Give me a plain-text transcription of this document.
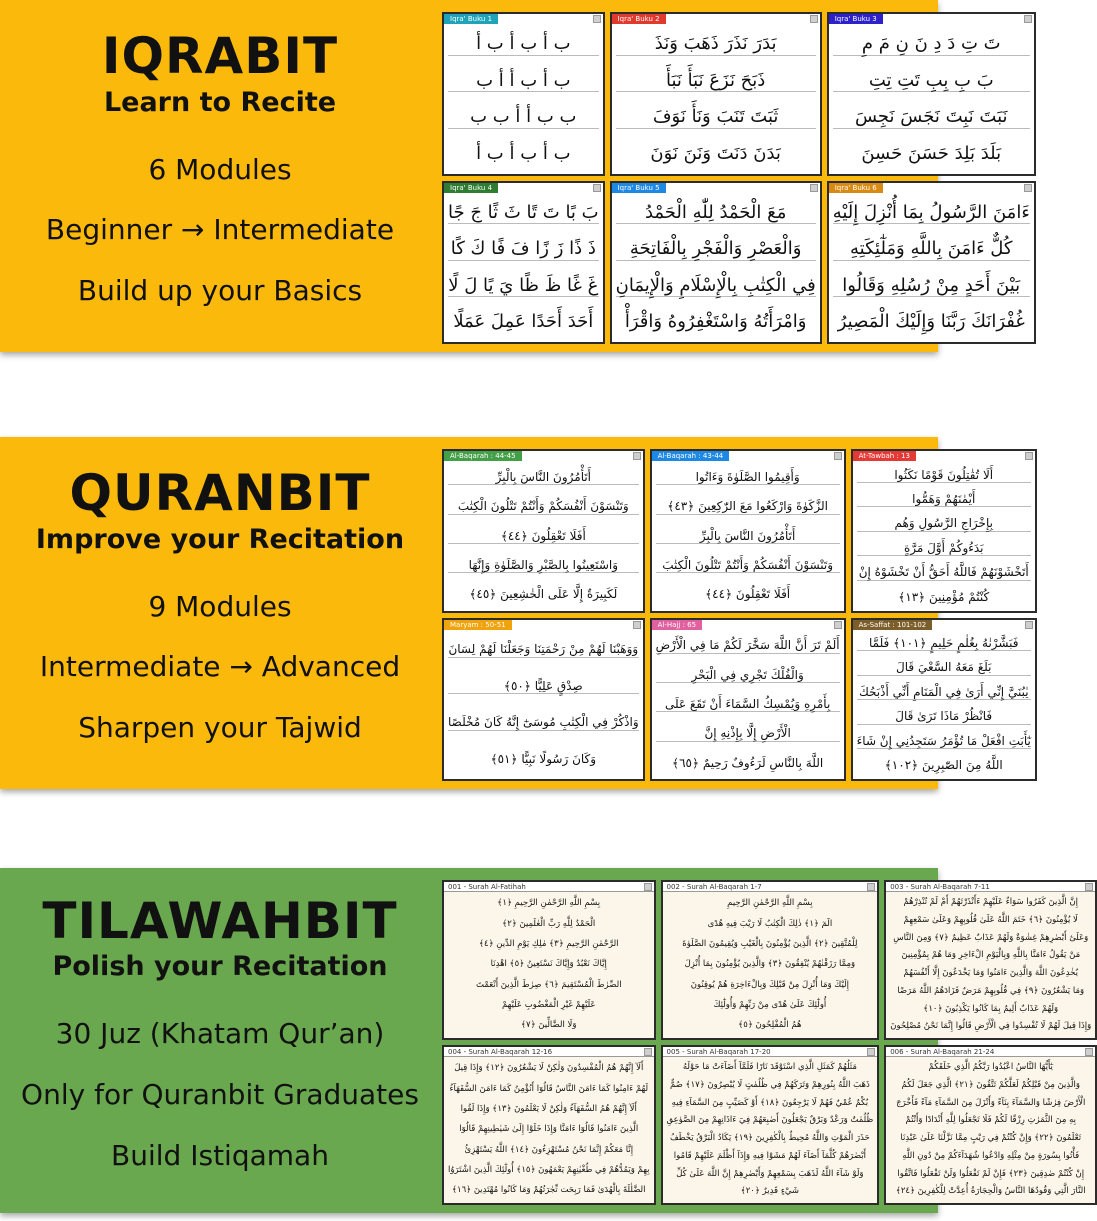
IQRABIT
Learn to Recite
6 Modules
Beginner → Intermediate
Build up your Basics
Iqra' Buku 1
ب أ ب أ ب أ
ب أ ب أ أ ب
ب ب أ أ ب ب
ب أ ب أ ب أ
Iqra' Buku 2
بَدَرَ نَذَرَ ذَهَبَ وَنَذَ
ذَبَحَ نَزَعَ نَبَأَ نَبَأَ
ثَبَتَ تَنَبَ وَنَأَ نَوَفَ
بَدَنَ دَنَتَ وَنَنَ نَوَنَ
Iqra' Buku 3
تَ تِ دَ دِ نَ نِ مَ مِ
بَ بِ بِبِ تَتِ تِتِ
نَبَتَ نَبِتَ نَجَسَ نَجِسَ
بَلَدَ بَلِدَ حَسَنَ حَسِنَ
Iqra' Buku 4
بَ بًا تَ تًا ثَ ثًا جَ جًا
ذَ ذًا زَ زًا فَ فًا كَ كًا
غَ غًا ظَ ظًا يَ يًا لَ لًا
أَحَدَ أَحَدًا عَمِلَ عَمَلًا
Iqra' Buku 5
مَعَ الْحَمْدُ لِلّٰهِ الْحَمْدُ
وَالْعَصْرِ وَالْفَجْرِ بِالْفَاتِحَةِ
فِي الْكِتٰبِ بِالْإِسْلَامِ وَالْإِيمَانِ
وَامْرَأَتُهُ وَاسْتَغْفِرُوهُ وَاقْرَأْ
Iqra' Buku 6
ءَامَنَ الرَّسُولُ بِمَا أُنْزِلَ إِلَيْهِ
كُلٌّ ءَامَنَ بِاللَّهِ وَمَلٰٓئِكَتِهِ
بَيْنَ أَحَدٍ مِنْ رُسُلِهِ وَقَالُوا
غُفْرَانَكَ رَبَّنَا وَإِلَيْكَ الْمَصِيرُ
QURANBIT
Improve your Recitation
9 Modules
Intermediate → Advanced
Sharpen your Tajwid
Al-Baqarah : 44-45
أَتَأْمُرُونَ النَّاسَ بِالْبِرِّ
وَتَنْسَوْنَ أَنْفُسَكُمْ وَأَنْتُمْ تَتْلُونَ الْكِتٰبَ
أَفَلَا تَعْقِلُونَ ﴿٤٤﴾
وَاسْتَعِينُوا بِالصَّبْرِ وَالصَّلَوٰةِ وَإِنَّهَا
لَكَبِيرَةٌ إِلَّا عَلَى الْخٰشِعِينَ ﴿٤٥﴾
Al-Baqarah : 43-44
وَأَقِيمُوا الصَّلَوٰةَ وَءَاتُوا
الزَّكَوٰةَ وَارْكَعُوا مَعَ الرّٰكِعِينَ ﴿٤٣﴾
أَتَأْمُرُونَ النَّاسَ بِالْبِرِّ
وَتَنْسَوْنَ أَنْفُسَكُمْ وَأَنْتُمْ تَتْلُونَ الْكِتٰبَ
أَفَلَا تَعْقِلُونَ ﴿٤٤﴾
At-Tawbah : 13
أَلَا تُقٰتِلُونَ قَوْمًا نَكَثُوا
أَيْمٰنَهُمْ وَهَمُّوا
بِإِخْرَاجِ الرَّسُولِ وَهُم
بَدَءُوكُمْ أَوَّلَ مَرَّةٍ
أَتَخْشَوْنَهُمْ فَاللَّهُ أَحَقُّ أَنْ تَخْشَوْهُ إِنْ
كُنْتُمْ مُؤْمِنِينَ ﴿١٣﴾
Maryam : 50-51
وَوَهَبْنَا لَهُمْ مِنْ رَحْمَتِنَا وَجَعَلْنَا لَهُمْ لِسَانَ
صِدْقٍ عَلِيًّا ﴿٥٠﴾
وَاذْكُرْ فِي الْكِتٰبِ مُوسَىٰٓ إِنَّهُ كَانَ مُخْلَصًا
وَكَانَ رَسُولًا نَبِيًّا ﴿٥١﴾
Al-Hajj : 65
أَلَمْ تَرَ أَنَّ اللَّهَ سَخَّرَ لَكُمْ مَا فِي الْأَرْضِ
وَالْفُلْكَ تَجْرِي فِي الْبَحْرِ
بِأَمْرِهِ وَيُمْسِكُ السَّمَاءَ أَنْ تَقَعَ عَلَى
الْأَرْضِ إِلَّا بِإِذْنِهِ إِنَّ
اللَّهَ بِالنَّاسِ لَرَءُوفٌ رَحِيمٌ ﴿٦٥﴾
As-Saffat : 101-102
فَبَشَّرْنٰهُ بِغُلٰمٍ حَلِيمٍ ﴿١٠١﴾ فَلَمَّا
بَلَغَ مَعَهُ السَّعْيَ قَالَ
يٰبُنَيَّ إِنِّي أَرَىٰ فِي الْمَنَامِ أَنِّي أَذْبَحُكَ
فَانْظُرْ مَاذَا تَرَىٰ قَالَ
يٰٓأَبَتِ افْعَلْ مَا تُؤْمَرُ سَتَجِدُنِي إِنْ شَاءَ
اللَّهُ مِنَ الصّٰبِرِينَ ﴿١٠٢﴾
TILAWAHBIT
Polish your Recitation
30 Juz (Khatam Qur’an)
Only for Quranbit Graduates
Build Istiqamah
001 - Surah Al-Fatihah
بِسْمِ اللَّهِ الرَّحْمٰنِ الرَّحِيمِ ﴿١﴾
الْحَمْدُ لِلَّهِ رَبِّ الْعٰلَمِينَ ﴿٢﴾
الرَّحْمٰنِ الرَّحِيمِ ﴿٣﴾ مٰلِكِ يَوْمِ الدِّينِ ﴿٤﴾
إِيَّاكَ نَعْبُدُ وَإِيَّاكَ نَسْتَعِينُ ﴿٥﴾ اهْدِنَا
الصِّرٰطَ الْمُسْتَقِيمَ ﴿٦﴾ صِرٰطَ الَّذِينَ أَنْعَمْتَ
عَلَيْهِمْ غَيْرِ الْمَغْضُوبِ عَلَيْهِمْ
وَلَا الضَّالِّينَ ﴿٧﴾
002 - Surah Al-Baqarah 1-7
بِسْمِ اللَّهِ الرَّحْمٰنِ الرَّحِيمِ
الٓمٓ ﴿١﴾ ذٰلِكَ الْكِتٰبُ لَا رَيْبَ فِيهِ هُدًى
لِلْمُتَّقِينَ ﴿٢﴾ الَّذِينَ يُؤْمِنُونَ بِالْغَيْبِ وَيُقِيمُونَ الصَّلَوٰةَ
وَمِمَّا رَزَقْنٰهُمْ يُنْفِقُونَ ﴿٣﴾ وَالَّذِينَ يُؤْمِنُونَ بِمَا أُنْزِلَ
إِلَيْكَ وَمَا أُنْزِلَ مِنْ قَبْلِكَ وَبِالْءَاخِرَةِ هُمْ يُوقِنُونَ
أُولٰٓئِكَ عَلَىٰ هُدًى مِنْ رَبِّهِمْ وَأُولٰٓئِكَ
هُمُ الْمُفْلِحُونَ ﴿٥﴾
003 - Surah Al-Baqarah 7-11
إِنَّ الَّذِينَ كَفَرُوا سَوَاءٌ عَلَيْهِمْ ءَأَنْذَرْتَهُمْ أَمْ لَمْ تُنْذِرْهُمْ
لَا يُؤْمِنُونَ ﴿٦﴾ خَتَمَ اللَّهُ عَلَىٰ قُلُوبِهِمْ وَعَلَىٰ سَمْعِهِمْ
وَعَلَىٰٓ أَبْصٰرِهِمْ غِشٰوَةٌ وَلَهُمْ عَذَابٌ عَظِيمٌ ﴿٧﴾ وَمِنَ النَّاسِ
مَنْ يَقُولُ ءَامَنَّا بِاللَّهِ وَبِالْيَوْمِ الْءَاخِرِ وَمَا هُمْ بِمُؤْمِنِينَ
يُخٰدِعُونَ اللَّهَ وَالَّذِينَ ءَامَنُوا وَمَا يَخْدَعُونَ إِلَّا أَنْفُسَهُمْ
وَمَا يَشْعُرُونَ ﴿٩﴾ فِي قُلُوبِهِمْ مَرَضٌ فَزَادَهُمُ اللَّهُ مَرَضًا
وَلَهُمْ عَذَابٌ أَلِيمٌ بِمَا كَانُوا يَكْذِبُونَ ﴿١٠﴾
وَإِذَا قِيلَ لَهُمْ لَا تُفْسِدُوا فِي الْأَرْضِ قَالُوا إِنَّمَا نَحْنُ مُصْلِحُونَ
004 - Surah Al-Baqarah 12-16
أَلَآ إِنَّهُمْ هُمُ الْمُفْسِدُونَ وَلٰكِنْ لَا يَشْعُرُونَ ﴿١٢﴾ وَإِذَا قِيلَ
لَهُمْ ءَامِنُوا كَمَا ءَامَنَ النَّاسُ قَالُوٓا أَنُؤْمِنُ كَمَا ءَامَنَ السُّفَهَآءُ
أَلَآ إِنَّهُمْ هُمُ السُّفَهَآءُ وَلٰكِنْ لَا يَعْلَمُونَ ﴿١٣﴾ وَإِذَا لَقُوا
الَّذِينَ ءَامَنُوا قَالُوٓا ءَامَنَّا وَإِذَا خَلَوْا إِلَىٰ شَيٰطِينِهِمْ قَالُوٓا
إِنَّا مَعَكُمْ إِنَّمَا نَحْنُ مُسْتَهْزِءُونَ ﴿١٤﴾ اللَّهُ يَسْتَهْزِئُ
بِهِمْ وَيَمُدُّهُمْ فِي طُغْيٰنِهِمْ يَعْمَهُونَ ﴿١٥﴾ أُولٰٓئِكَ الَّذِينَ اشْتَرَوُا
الضَّلٰلَةَ بِالْهُدَىٰ فَمَا رَبِحَت تِّجٰرَتُهُمْ وَمَا كَانُوا مُهْتَدِينَ ﴿١٦﴾
005 - Surah Al-Baqarah 17-20
مَثَلُهُمْ كَمَثَلِ الَّذِي اسْتَوْقَدَ نَارًا فَلَمَّآ أَضَآءَتْ مَا حَوْلَهُ
ذَهَبَ اللَّهُ بِنُورِهِمْ وَتَرَكَهُمْ فِي ظُلُمٰتٍ لَا يُبْصِرُونَ ﴿١٧﴾ صُمٌّ
بُكْمٌ عُمْيٌ فَهُمْ لَا يَرْجِعُونَ ﴿١٨﴾ أَوْ كَصَيِّبٍ مِنَ السَّمَآءِ فِيهِ
ظُلُمٰتٌ وَرَعْدٌ وَبَرْقٌ يَجْعَلُونَ أَصٰبِعَهُمْ فِيٓ ءَاذَانِهِمْ مِنَ الصَّوٰعِقِ
حَذَرَ الْمَوْتِ وَاللَّهُ مُحِيطٌ بِالْكٰفِرِينَ ﴿١٩﴾ يَكَادُ الْبَرْقُ يَخْطَفُ
أَبْصٰرَهُمْ كُلَّمَآ أَضَآءَ لَهُمْ مَشَوْا فِيهِ وَإِذَآ أَظْلَمَ عَلَيْهِمْ قَامُوا
وَلَوْ شَآءَ اللَّهُ لَذَهَبَ بِسَمْعِهِمْ وَأَبْصٰرِهِمْ إِنَّ اللَّهَ عَلَىٰ كُلِّ
شَيْءٍ قَدِيرٌ ﴿٢٠﴾
006 - Surah Al-Baqarah 21-24
يٰٓأَيُّهَا النَّاسُ اعْبُدُوا رَبَّكُمُ الَّذِي خَلَقَكُمْ
وَالَّذِينَ مِنْ قَبْلِكُمْ لَعَلَّكُمْ تَتَّقُونَ ﴿٢١﴾ الَّذِي جَعَلَ لَكُمُ
الْأَرْضَ فِرٰشًا وَالسَّمَآءَ بِنَآءً وَأَنْزَلَ مِنَ السَّمَآءِ مَآءً فَأَخْرَجَ
بِهِ مِنَ الثَّمَرٰتِ رِزْقًا لَكُمْ فَلَا تَجْعَلُوا لِلَّهِ أَنْدَادًا وَأَنْتُمْ
تَعْلَمُونَ ﴿٢٢﴾ وَإِنْ كُنْتُمْ فِي رَيْبٍ مِمَّا نَزَّلْنَا عَلَىٰ عَبْدِنَا
فَأْتُوا بِسُورَةٍ مِنْ مِثْلِهِ وَادْعُوا شُهَدَآءَكُمْ مِنْ دُونِ اللَّهِ
إِنْ كُنْتُمْ صٰدِقِينَ ﴿٢٣﴾ فَإِنْ لَمْ تَفْعَلُوا وَلَنْ تَفْعَلُوا فَاتَّقُوا
النَّارَ الَّتِي وَقُودُهَا النَّاسُ وَالْحِجَارَةُ أُعِدَّتْ لِلْكٰفِرِينَ ﴿٢٤﴾
